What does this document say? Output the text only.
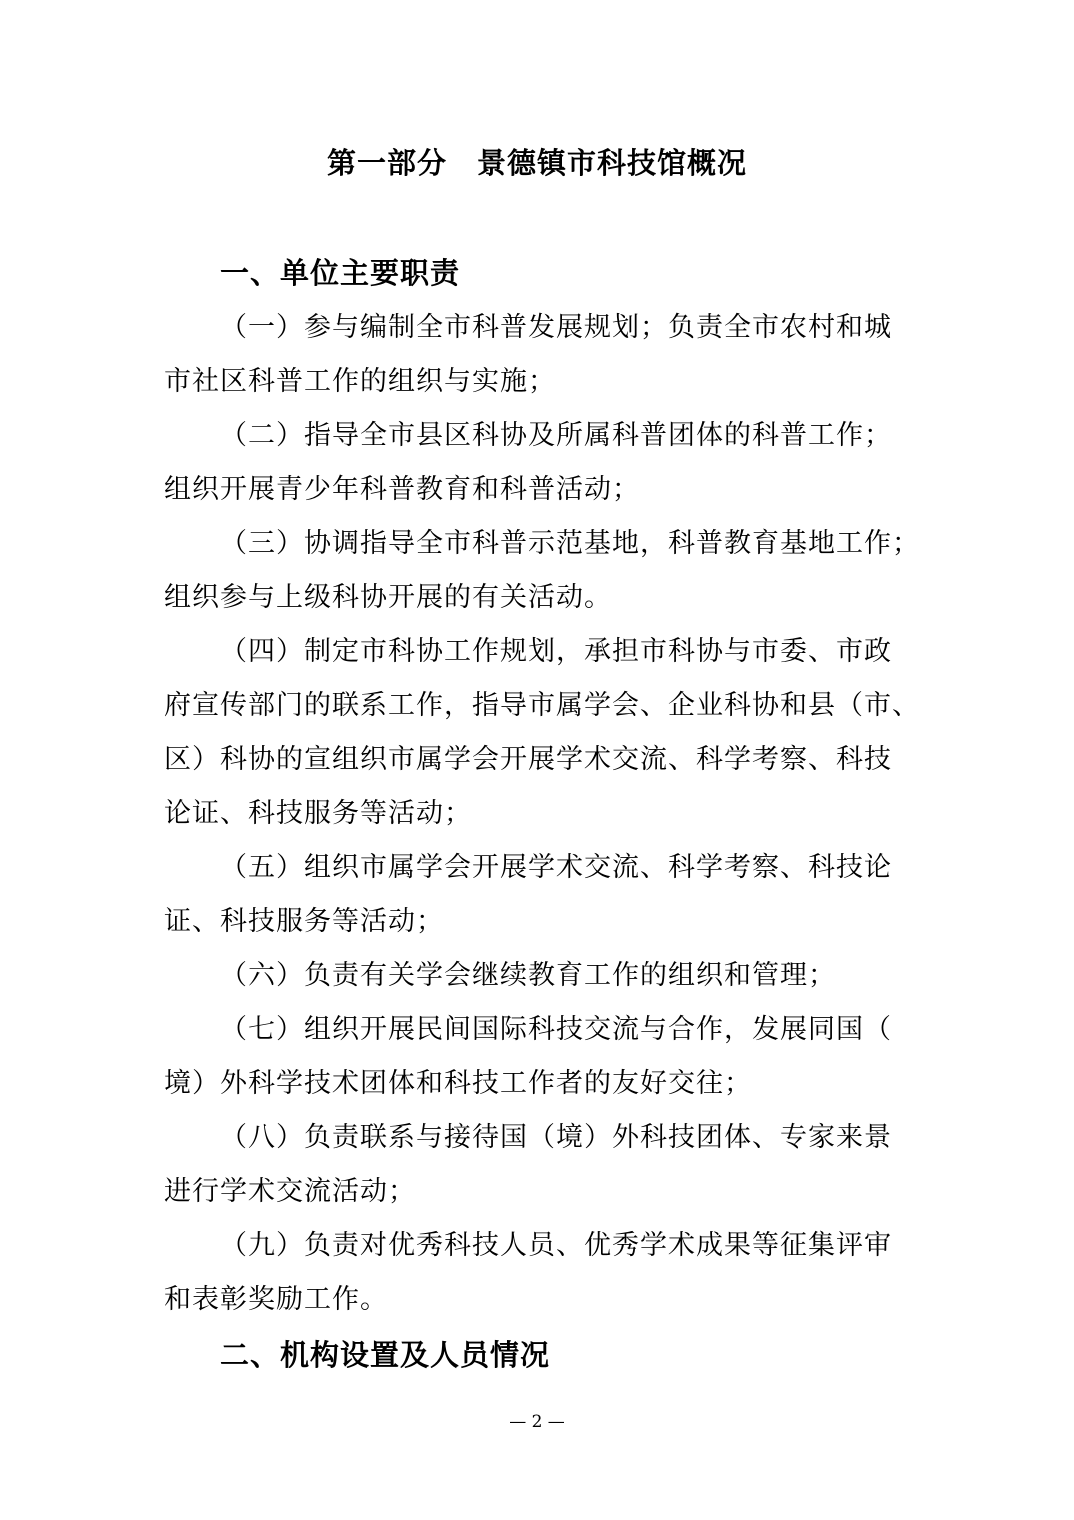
第一部分　景德镇市科技馆概况
一、单位主要职责
（一）参与编制全市科普发展规划；负责全市农村和城
市社区科普工作的组织与实施；
（二）指导全市县区科协及所属科普团体的科普工作；
组织开展青少年科普教育和科普活动；
（三）协调指导全市科普示范基地，科普教育基地工作；
组织参与上级科协开展的有关活动。
（四）制定市科协工作规划，承担市科协与市委、市政
府宣传部门的联系工作，指导市属学会、企业科协和县（市、
区）科协的宣组织市属学会开展学术交流、科学考察、科技
论证、科技服务等活动；
（五）组织市属学会开展学术交流、科学考察、科技论
证、科技服务等活动；
（六）负责有关学会继续教育工作的组织和管理；
（七）组织开展民间国际科技交流与合作，发展同国（
境）外科学技术团体和科技工作者的友好交往；
（八）负责联系与接待国（境）外科技团体、专家来景
进行学术交流活动；
（九）负责对优秀科技人员、优秀学术成果等征集评审
和表彰奖励工作。
二、机构设置及人员情况
— 2 —
